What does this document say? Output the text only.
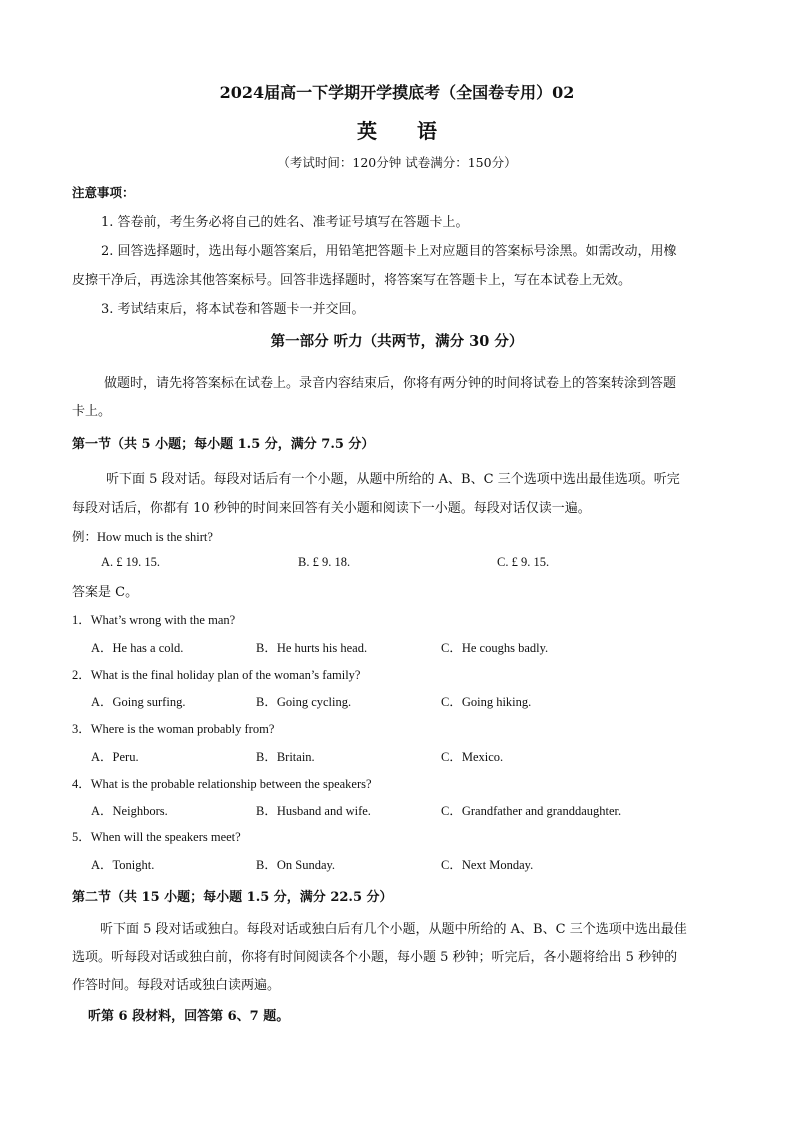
2024届高一下学期开学摸底考（全国卷专用）02
英语
（考试时间：120分钟 试卷满分：150分）
注意事项：
1. 答卷前，考生务必将自己的姓名、准考证号填写在答题卡上。
2. 回答选择题时，选出每小题答案后，用铅笔把答题卡上对应题目的答案标号涂黑。如需改动，用橡
皮擦干净后，再选涂其他答案标号。回答非选择题时，将答案写在答题卡上，写在本试卷上无效。
3. 考试结束后，将本试卷和答题卡一并交回。
第一部分 听力（共两节，满分 30 分）
做题时，请先将答案标在试卷上。录音内容结束后，你将有两分钟的时间将试卷上的答案转涂到答题
卡上。
第一节（共 5 小题；每小题 1.5 分，满分 7.5 分）
听下面 5 段对话。每段对话后有一个小题，从题中所给的 A、B、C 三个选项中选出最佳选项。听完
每段对话后，你都有 10 秒钟的时间来回答有关小题和阅读下一小题。每段对话仅读一遍。
例：How much is the shirt?
A. £ 19. 15.	B. £ 9. 18.	C. £ 9. 15.
答案是 C。
1．What’s wrong with the man?
A．He has a cold.	B．He hurts his head.	C．He coughs badly.
2．What is the final holiday plan of the woman’s family?
A．Going surfing.	B．Going cycling.	C．Going hiking.
3．Where is the woman probably from?
A．Peru.	B．Britain.	C．Mexico.
4．What is the probable relationship between the speakers?
A．Neighbors.	B．Husband and wife.	C．Grandfather and granddaughter.
5．When will the speakers meet?
A．Tonight.	B．On Sunday.	C．Next Monday.
第二节（共 15 小题；每小题 1.5 分，满分 22.5 分）
听下面 5 段对话或独白。每段对话或独白后有几个小题，从题中所给的 A、B、C 三个选项中选出最佳
选项。听每段对话或独白前，你将有时间阅读各个小题，每小题 5 秒钟；听完后，各小题将给出 5 秒钟的
作答时间。每段对话或独白读两遍。
听第 6 段材料，回答第 6、7 题。
